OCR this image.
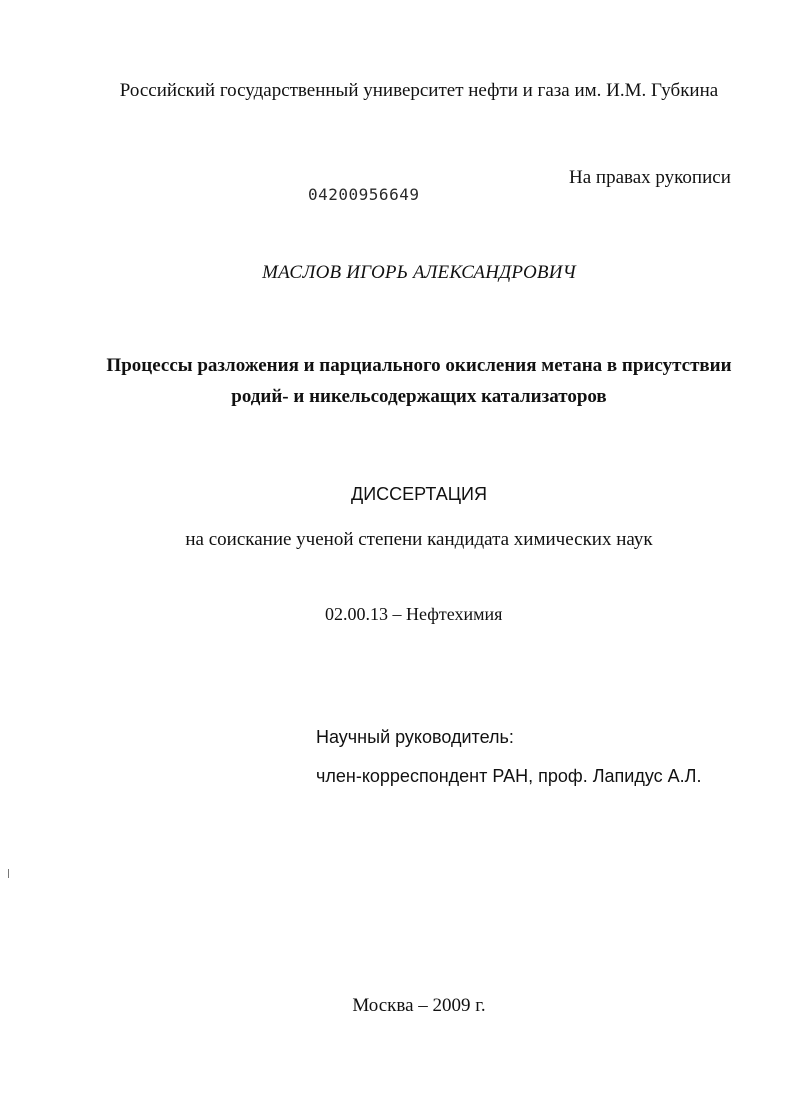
Российский государственный университет нефти и газа им. И.М. Губкина
На правах рукописи
04200956649
МАСЛОВ ИГОРЬ АЛЕКСАНДРОВИЧ
Процессы разложения и парциального окисления метана в присутствии
родий- и никельсодержащих катализаторов
ДИССЕРТАЦИЯ
на соискание ученой степени кандидата химических наук
02.00.13 – Нефтехимия
Научный руководитель:
член-корреспондент РАН, проф. Лапидус А.Л.
Москва – 2009 г.
